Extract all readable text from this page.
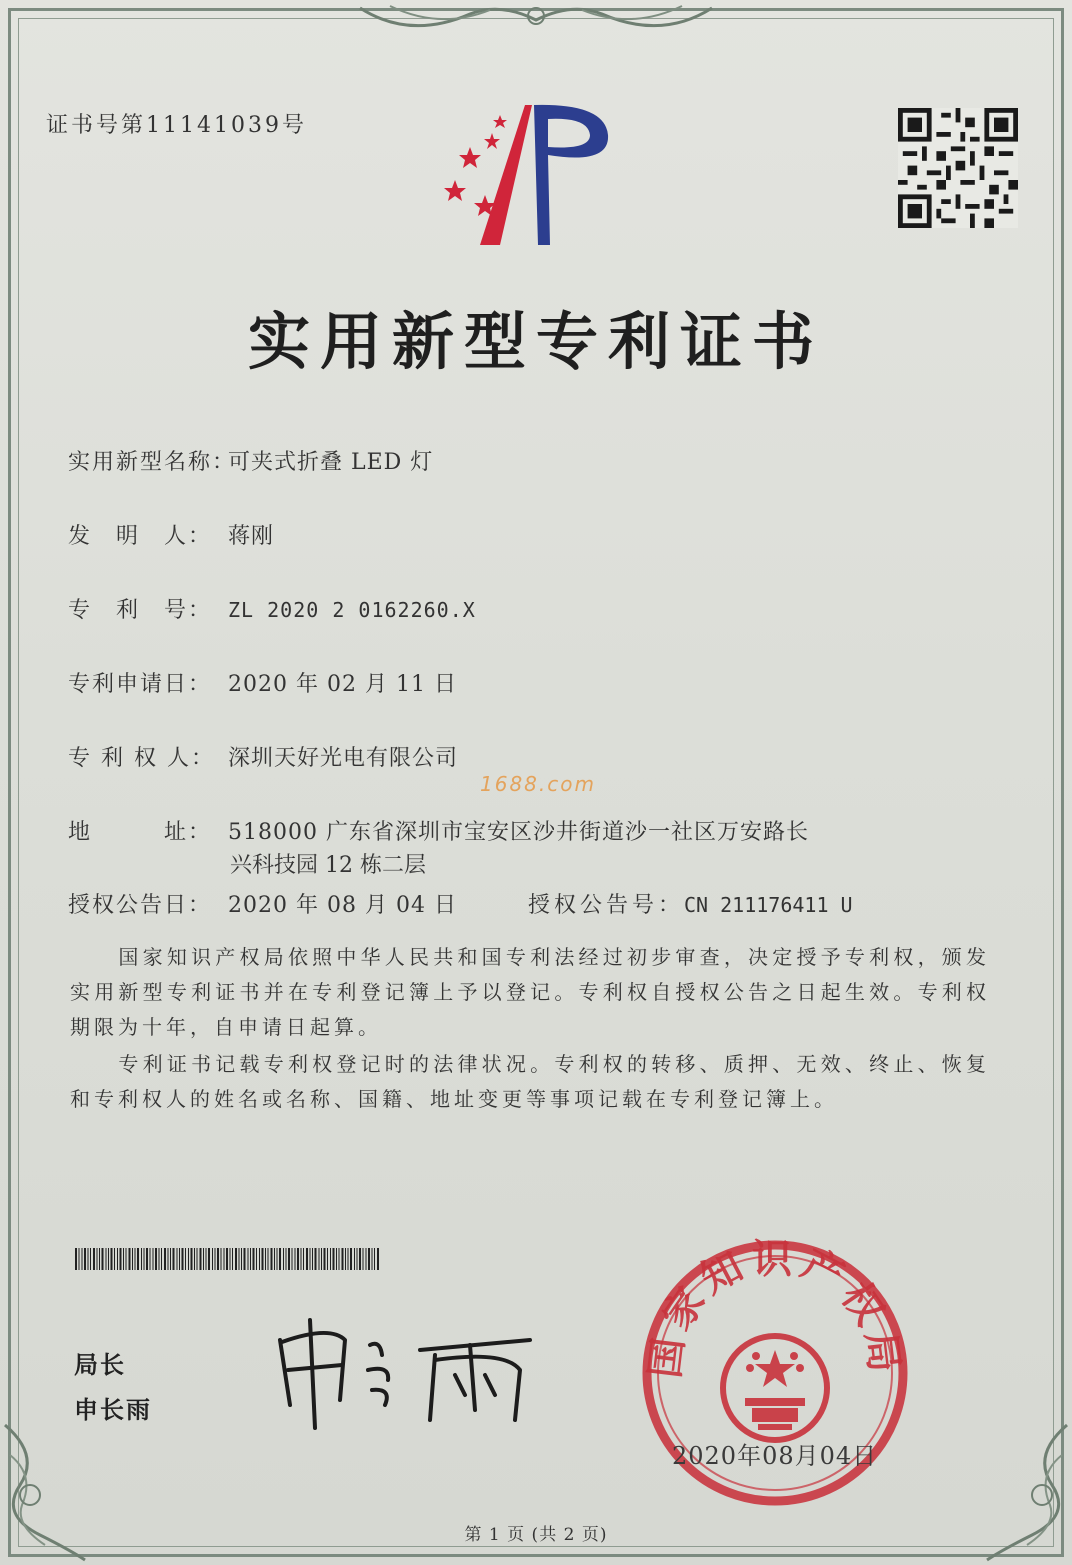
证书号第11141039号
实用新型专利证书
实用新型名称：可夹式折叠 LED 灯
发　明　人： 蒋刚
专　利　号： ZL 2020 2 0162260.X
专利申请日： 2020 年 02 月 11 日
专 利 权 人： 深圳天好光电有限公司
1688.com
地　　　址： 518000 广东省深圳市宝安区沙井街道沙一社区万安路长
兴科技园 12 栋二层
授权公告日： 2020 年 08 月 04 日	授权公告号：CN 211176411 U
　　国家知识产权局依照中华人民共和国专利法经过初步审查，决定授予专利权，颁发实用新型专利证书并在专利登记簿上予以登记。专利权自授权公告之日起生效。专利权期限为十年，自申请日起算。
　　专利证书记载专利权登记时的法律状况。专利权的转移、质押、无效、终止、恢复和专利权人的姓名或名称、国籍、地址变更等事项记载在专利登记簿上。
局长
申长雨
国家知识产权局
2020年08月04日
第 1 页 (共 2 页)
